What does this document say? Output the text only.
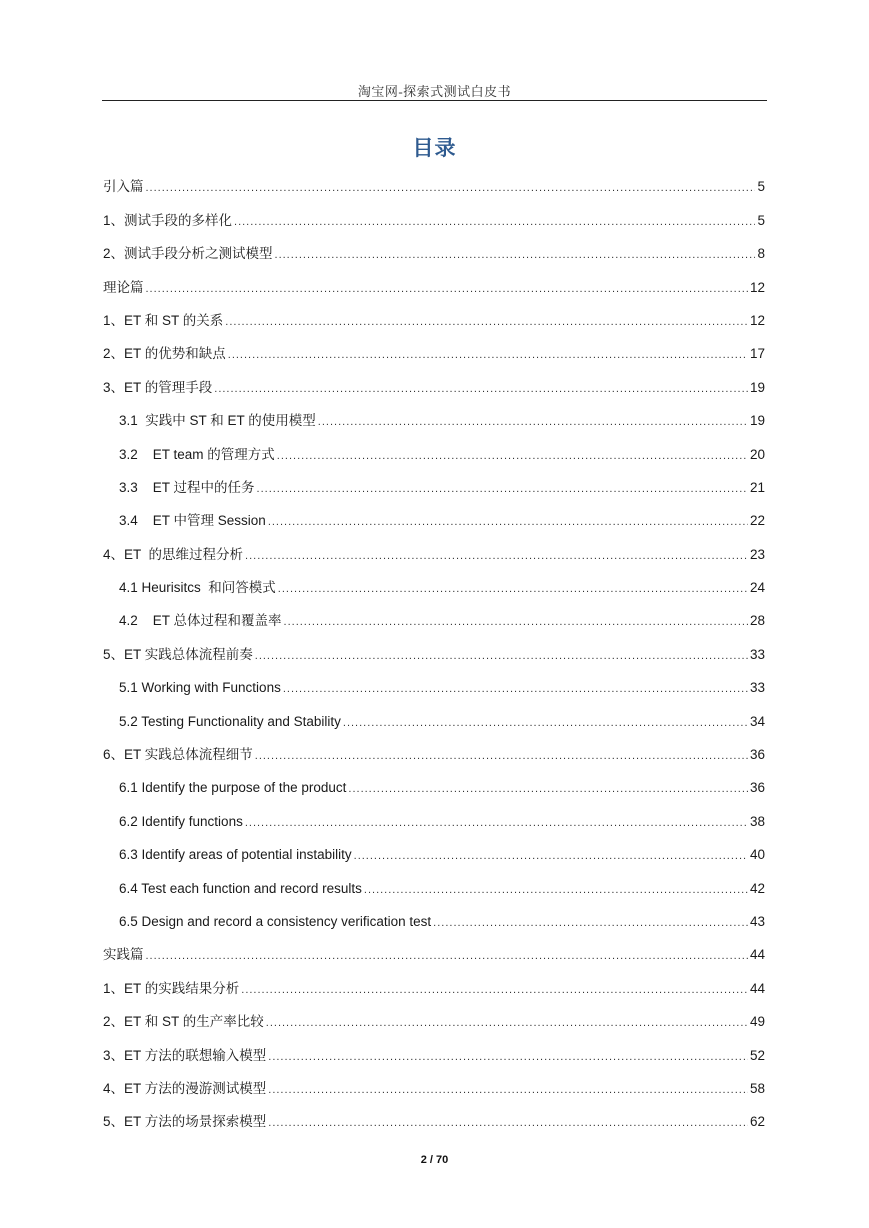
淘宝网-探索式测试白皮书
目录
引入篇 .....	5
1、测试手段的多样化 .....	5
2、测试手段分析之测试模型 .....	8
理论篇 .....	12
1、ET 和 ST 的关系 .....	12
2、ET 的优势和缺点 .....	17
3、ET 的管理手段 .....	19
3.1  实践中 ST 和 ET 的使用模型 .....	19
3.2    ET team 的管理方式 .....	20
3.3    ET 过程中的任务 .....	21
3.4    ET 中管理 Session .....	22
4、ET  的思维过程分析 .....	23
4.1 Heurisitcs  和问答模式 .....	24
4.2    ET 总体过程和覆盖率 .....	28
5、ET 实践总体流程前奏 .....	33
5.1 Working with Functions .....	33
5.2 Testing Functionality and Stability .....	34
6、ET 实践总体流程细节 .....	36
6.1 Identify the purpose of the product .....	36
6.2 Identify functions .....	38
6.3 Identify areas of potential instability .....	40
6.4 Test each function and record results .....	42
6.5 Design and record a consistency verification test .....	43
实践篇 .....	44
1、ET 的实践结果分析 .....	44
2、ET 和 ST 的生产率比较 .....	49
3、ET 方法的联想输入模型 .....	52
4、ET 方法的漫游测试模型 .....	58
5、ET 方法的场景探索模型 .....	62
2 / 70
